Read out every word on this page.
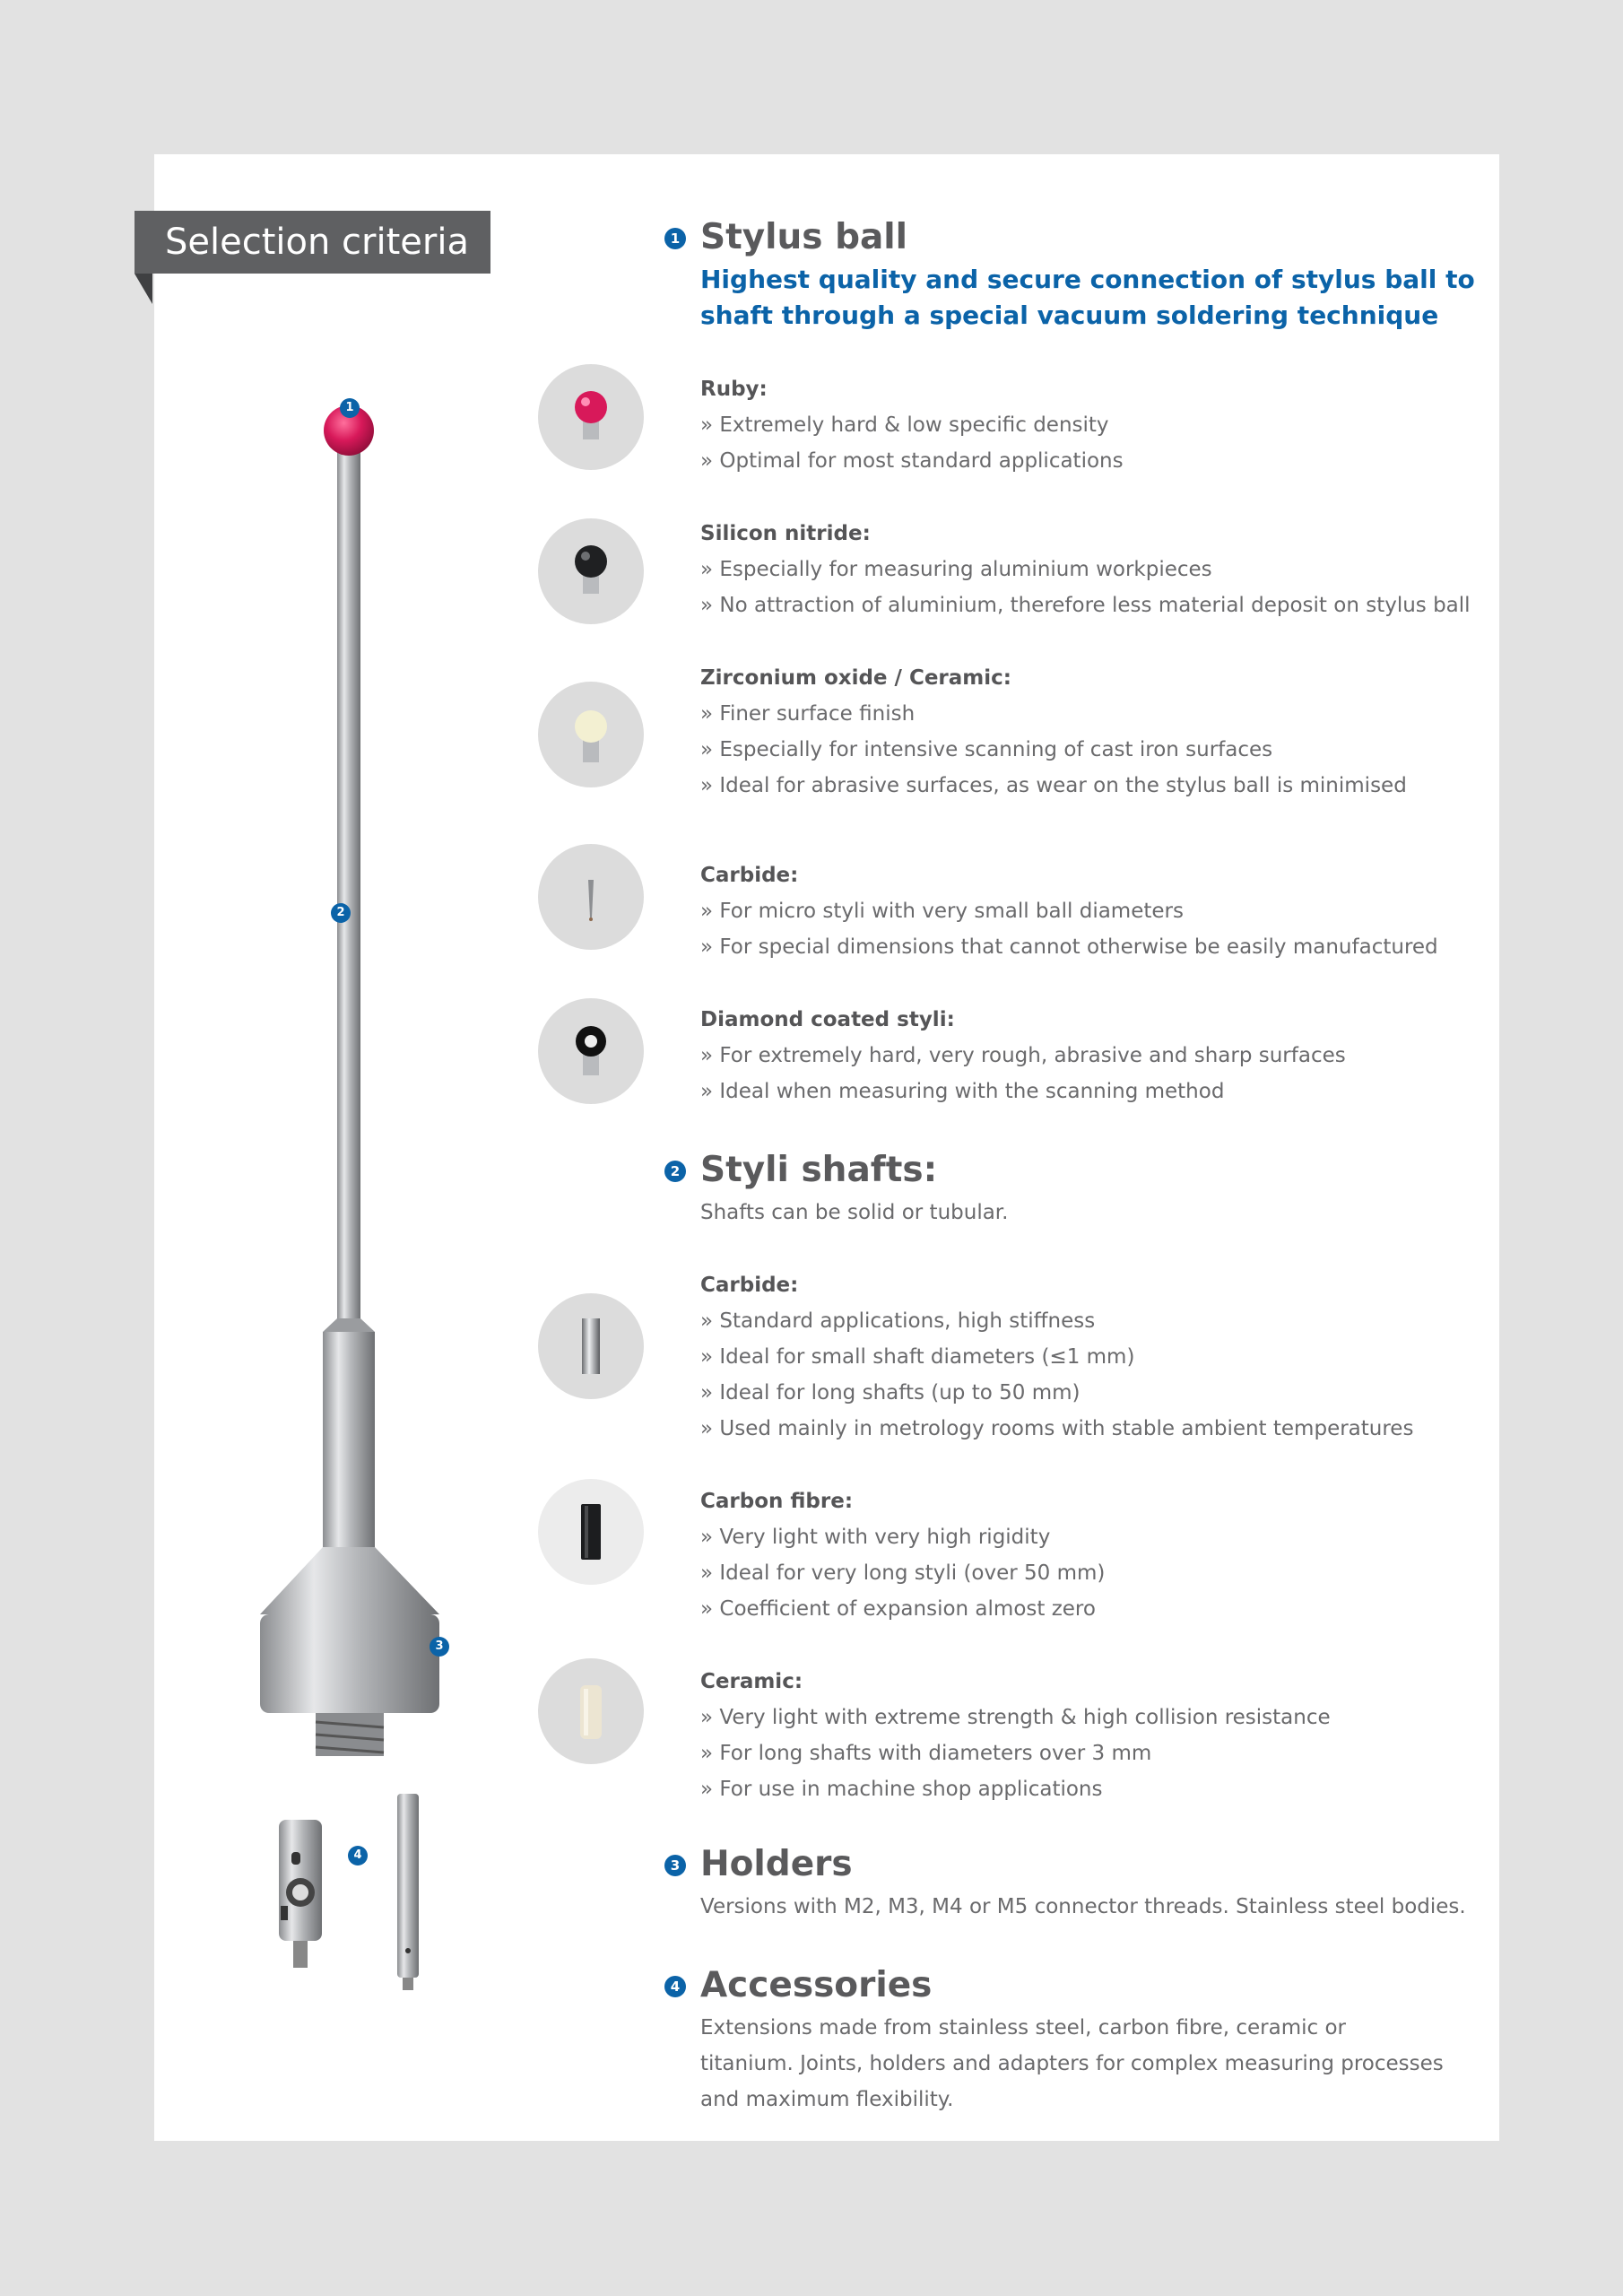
Selection criteria
1
2
3
4
1 Stylus ball
Highest quality and secure connection of stylus ball to shaft through a special vacuum soldering technique
Ruby:
» Extremely hard & low specific density
» Optimal for most standard applications
Silicon nitride:
» Especially for measuring aluminium workpieces
» No attraction of aluminium, therefore less material deposit on stylus ball
Zirconium oxide / Ceramic:
» Finer surface finish
» Especially for intensive scanning of cast iron surfaces
» Ideal for abrasive surfaces, as wear on the stylus ball is minimised
Carbide:
» For micro styli with very small ball diameters
» For special dimensions that cannot otherwise be easily manufactured
Diamond coated styli:
» For extremely hard, very rough, abrasive and sharp surfaces
» Ideal when measuring with the scanning method
2 Styli shafts:
Shafts can be solid or tubular.
Carbide:
» Standard applications, high stiffness
» Ideal for small shaft diameters (≤1 mm)
» Ideal for long shafts (up to 50 mm)
» Used mainly in metrology rooms with stable ambient temperatures
Carbon fibre:
» Very light with very high rigidity
» Ideal for very long styli (over 50 mm)
» Coefficient of expansion almost zero
Ceramic:
» Very light with extreme strength & high collision resistance
» For long shafts with diameters over 3 mm
» For use in machine shop applications
3 Holders
Versions with M2, M3, M4 or M5 connector threads. Stainless steel bodies.
4 Accessories
Extensions made from stainless steel, carbon fibre, ceramic or titanium. Joints, holders and adapters for complex measuring processes and maximum flexibility.
